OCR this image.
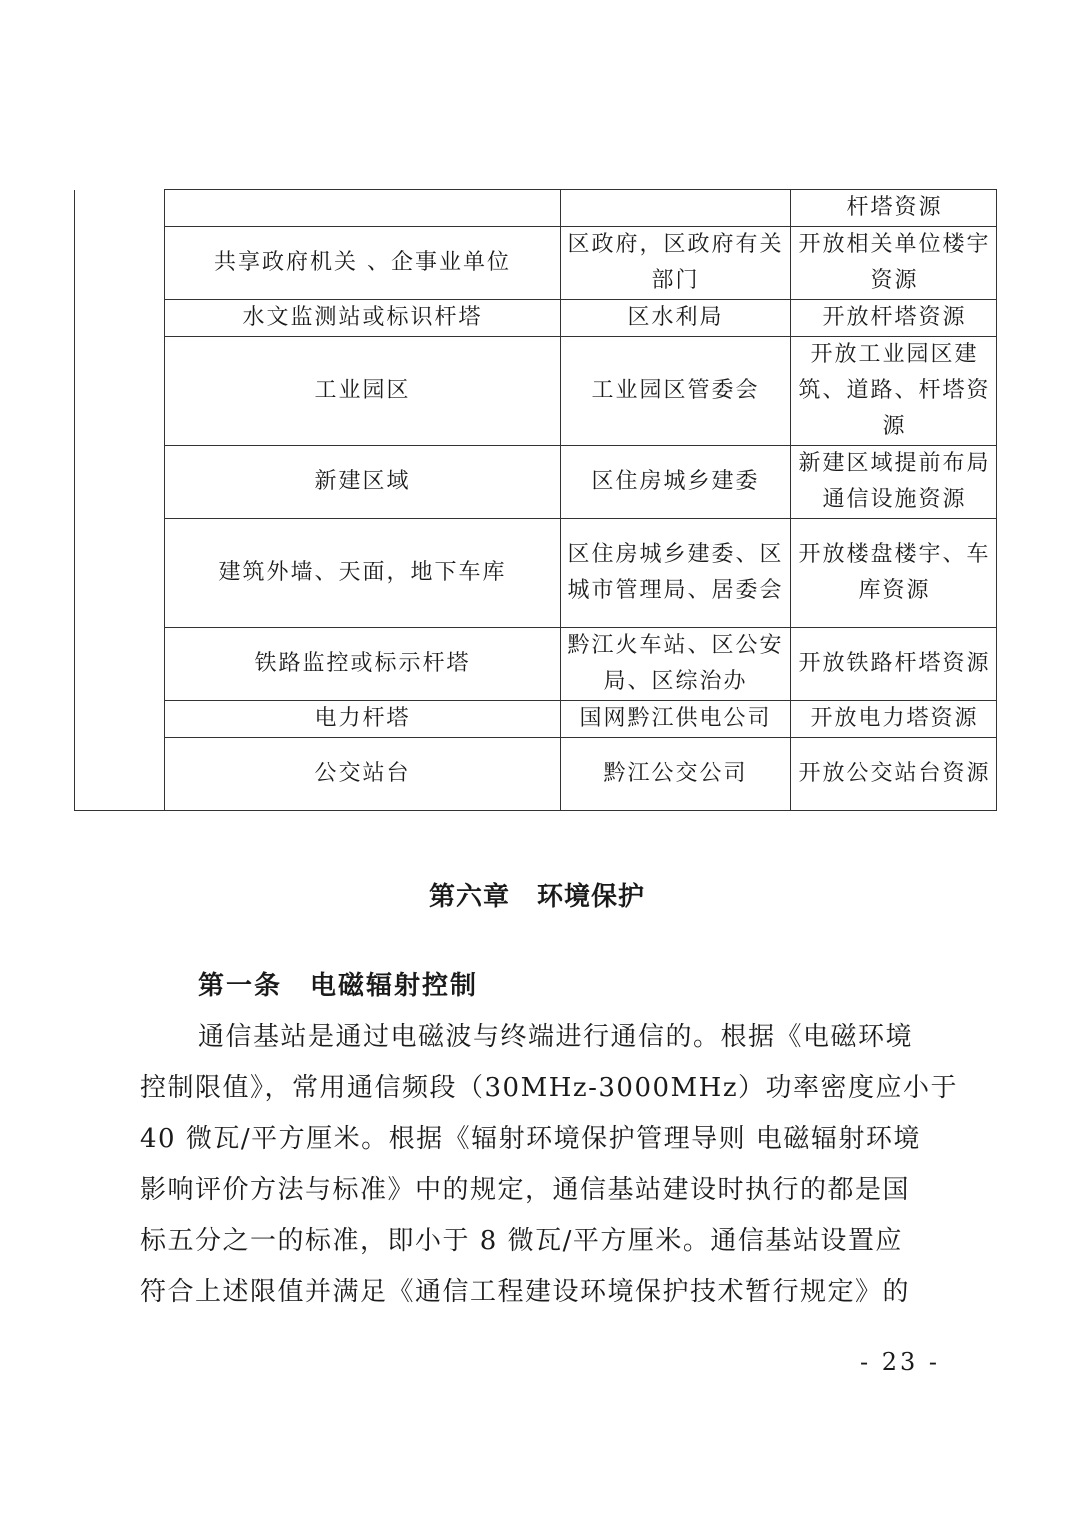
			杆塔资源
	共享政府机关 、企事业单位	区政府，区政府有关部门	开放相关单位楼宇资源
	水文监测站或标识杆塔	区水利局	开放杆塔资源
	工业园区	工业园区管委会	开放工业园区建筑、道路、杆塔资源
	新建区域	区住房城乡建委	新建区域提前布局通信设施资源
	建筑外墙、天面，地下车库	区住房城乡建委、区城市管理局、居委会	开放楼盘楼宇、车库资源
	铁路监控或标示杆塔	黔江火车站、区公安局、区综治办	开放铁路杆塔资源
	电力杆塔	国网黔江供电公司	开放电力塔资源
	公交站台	黔江公交公司	开放公交站台资源
第六章　环境保护
第一条　电磁辐射控制
通信基站是通过电磁波与终端进行通信的。根据《电磁环境
控制限值》，常用通信频段（30MHz-3000MHz）功率密度应小于
40 微瓦/平方厘米。根据《辐射环境保护管理导则 电磁辐射环境
影响评价方法与标准》中的规定，通信基站建设时执行的都是国
标五分之一的标准，即小于 8 微瓦/平方厘米。通信基站设置应
符合上述限值并满足《通信工程建设环境保护技术暂行规定》的
- 23 -
